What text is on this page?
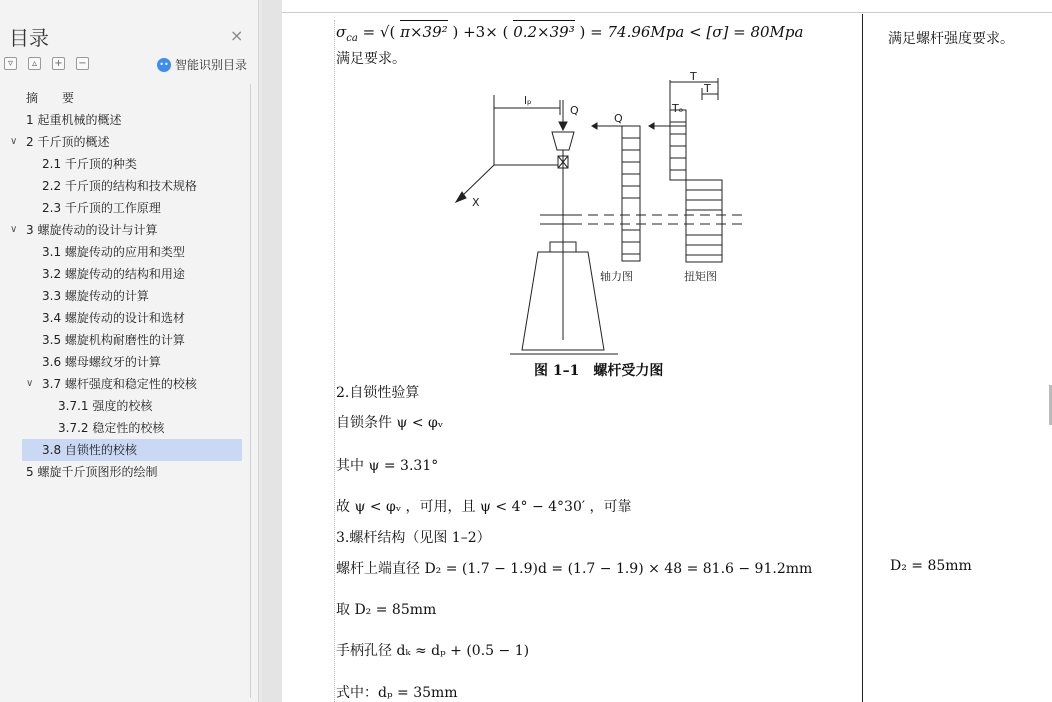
目录	×
▿	▵	+ −	•• 智能识别目录
摘　　要
1 起重机械的概述
∨ 2 千斤顶的概述
2.1 千斤顶的种类
2.2 千斤顶的结构和技术规格
2.3 千斤顶的工作原理
∨ 3 螺旋传动的设计与计算
3.1 螺旋传动的应用和类型
3.2 螺旋传动的结构和用途
3.3 螺旋传动的计算
3.4 螺旋传动的设计和选材
3.5 螺旋机构耐磨性的计算
3.6 螺母螺纹牙的计算
∨ 3.7 螺杆强度和稳定性的校核
3.7.1 强度的校核
3.7.2 稳定性的校核
3.8 自锁性的校核
5 螺旋千斤顶图形的绘制
$\sigma_{ca}$ = √( π×39² ) +3× ( 0.2×39³ ) = 74.96Mpa < [σ] = 80Mpa	满足螺杆强度要求。
满足要求。
lₚ
Q
Q
X
T
T
Tₒ
轴力图	扭矩图
图 1–1　螺杆受力图
2.自锁性验算
自锁条件 ψ < φᵥ
其中 ψ = 3.31°
故 ψ < φᵥ ，可用，且 ψ < 4° − 4°30′ ，可靠
3.螺杆结构（见图 1–2）
螺杆上端直径 D₂ = (1.7 − 1.9)d = (1.7 − 1.9) × 48 = 81.6 − 91.2mm
取 D₂ = 85mm
手柄孔径 dₖ ≈ dₚ + (0.5 − 1)
式中：dₚ = 35mm
D₂ = 85mm
